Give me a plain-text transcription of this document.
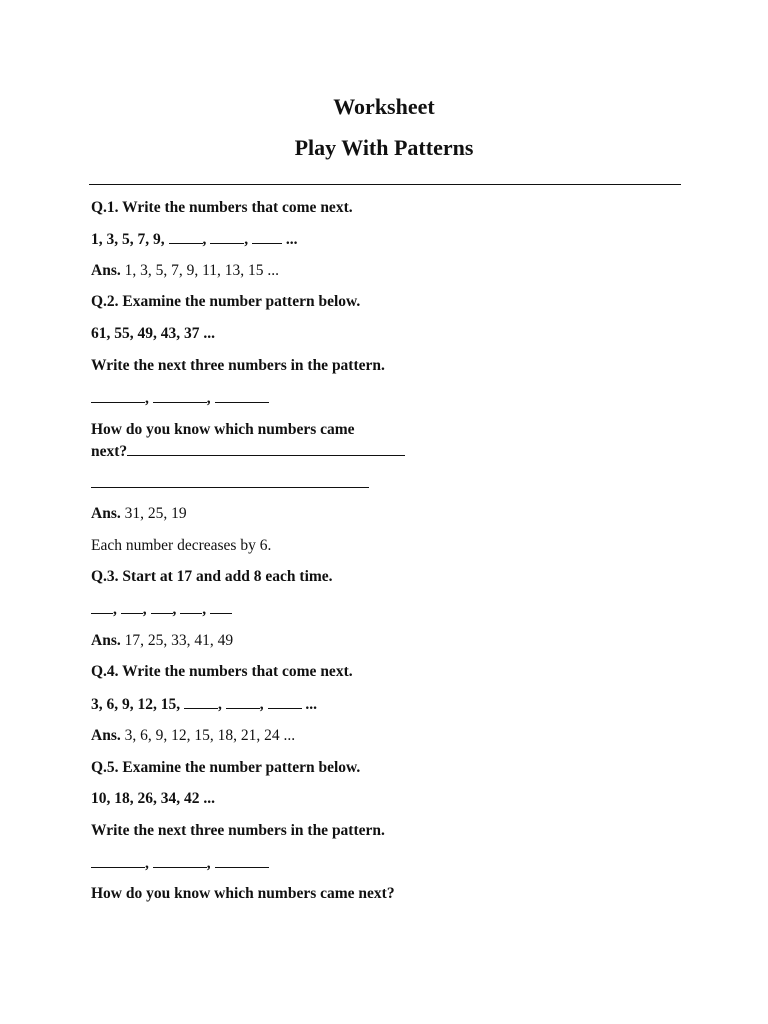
Worksheet
Play With Patterns
Q.1. Write the numbers that come next.
1, 3, 5, 7, 9, , ,  ...
Ans. 1, 3, 5, 7, 9, 11, 13, 15 ...
Q.2. Examine the number pattern below.
61, 55, 49, 43, 37 ...
Write the next three numbers in the pattern.
,	,
How do you know which numbers came
next?
Ans. 31, 25, 19
Each number decreases by 6.
Q.3. Start at 17 and add 8 each time.
, , , ,
Ans. 17, 25, 33, 41, 49
Q.4. Write the numbers that come next.
3, 6, 9, 12, 15, , ,  ...
Ans. 3, 6, 9, 12, 15, 18, 21, 24 ...
Q.5. Examine the number pattern below.
10, 18, 26, 34, 42 ...
Write the next three numbers in the pattern.
,	,
How do you know which numbers came next?
